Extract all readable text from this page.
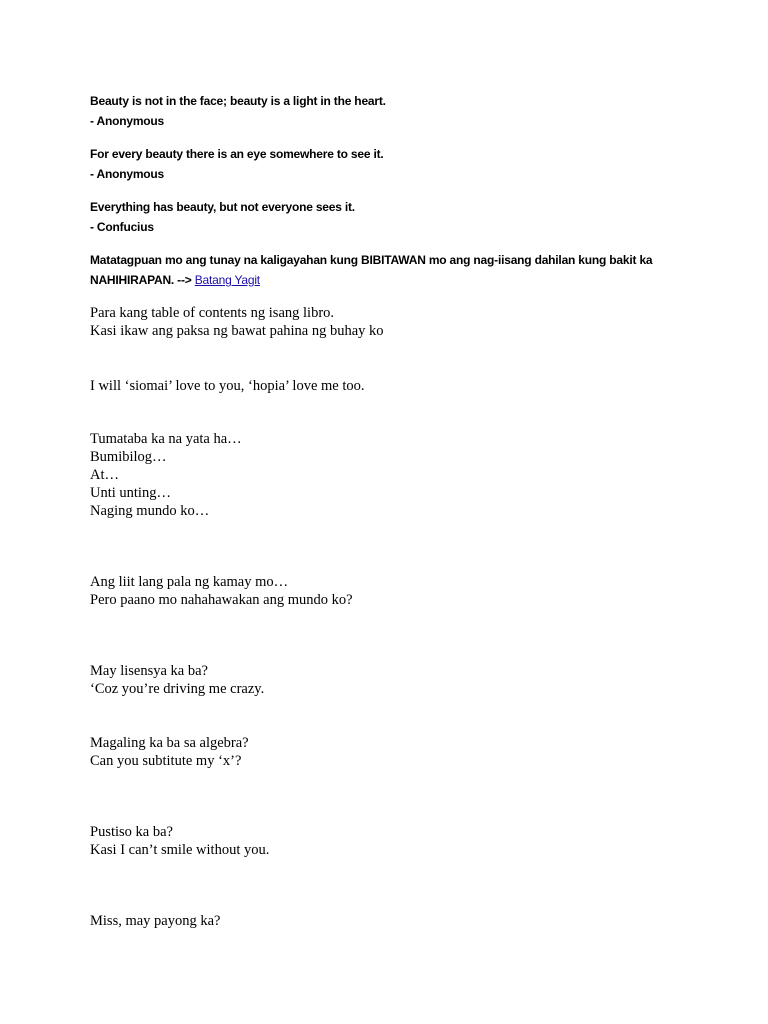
Beauty is not in the face; beauty is a light in the heart.
- Anonymous
For every beauty there is an eye somewhere to see it.
- Anonymous
Everything has beauty, but not everyone sees it.
- Confucius
Matatagpuan mo ang tunay na kaligayahan kung BIBITAWAN mo ang nag-iisang dahilan kung bakit ka NAHIHIRAPAN. --> Batang Yagit
Para kang table of contents ng isang libro.
Kasi ikaw ang paksa ng bawat pahina ng buhay ko
I will ‘siomai’ love to you, ‘hopia’ love me too.
Tumataba ka na yata ha…
Bumibilog…
At…
Unti unting…
Naging mundo ko…
Ang liit lang pala ng kamay mo…
Pero paano mo nahahawakan ang mundo ko?
May lisensya ka ba?
‘Coz you’re driving me crazy.
Magaling ka ba sa algebra?
Can you subtitute my ‘x’?
Pustiso ka ba?
Kasi I can’t smile without you.
Miss, may payong ka?
